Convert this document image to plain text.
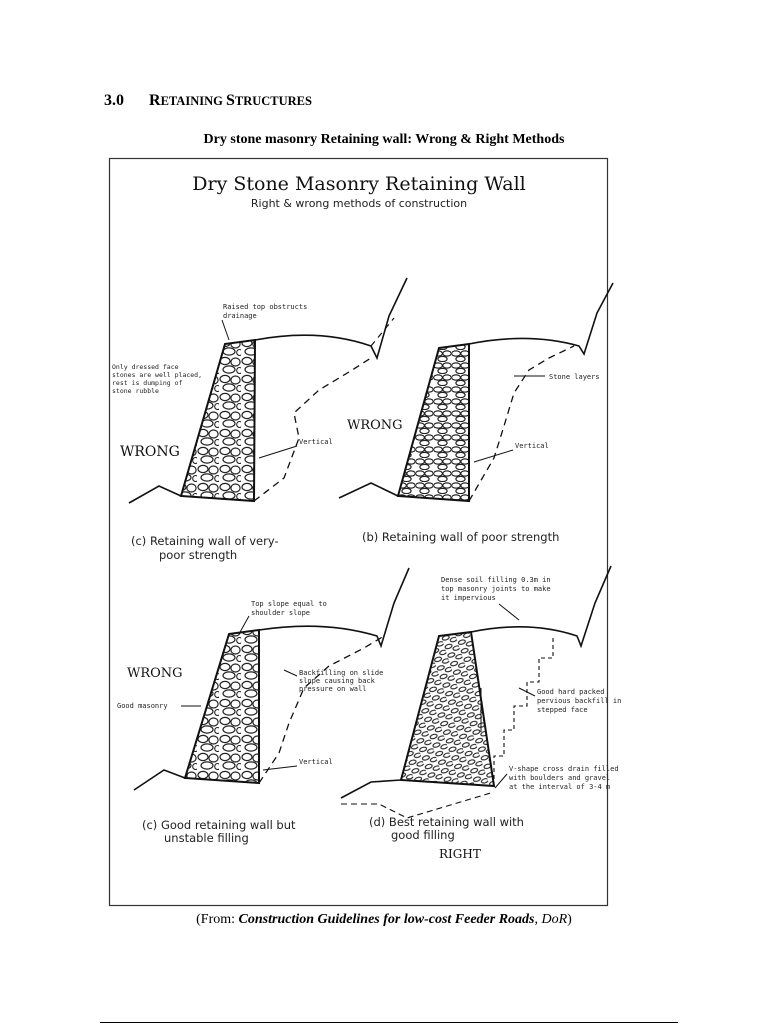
3.0 RETAINING STRUCTURES
Dry stone masonry Retaining wall: Wrong & Right Methods
Dry Stone Masonry Retaining Wall
Right & wrong methods of construction
Raised top obstructs
drainage
Only dressed face
stones are well placed,
rest is dumping of
stone rubble
WRONG
Vertical
(c) Retaining wall of very-
poor strength
Stone layers
WRONG
Vertical
(b) Retaining wall of poor strength
Top slope equal to
shoulder slope
WRONG
Good masonry
Backfilling on slide
slope causing back
pressure on wall
Vertical
(c) Good retaining wall but
unstable filling
Dense soil filling 0.3m in
top masonry joints to make
it impervious
Good hard packed
pervious backfill in
stepped face
V-shape cross drain filled
with boulders and gravel
at the interval of 3-4 m
(d) Best retaining wall with
good filling
RIGHT
(From: Construction Guidelines for low-cost Feeder Roads, DoR)
